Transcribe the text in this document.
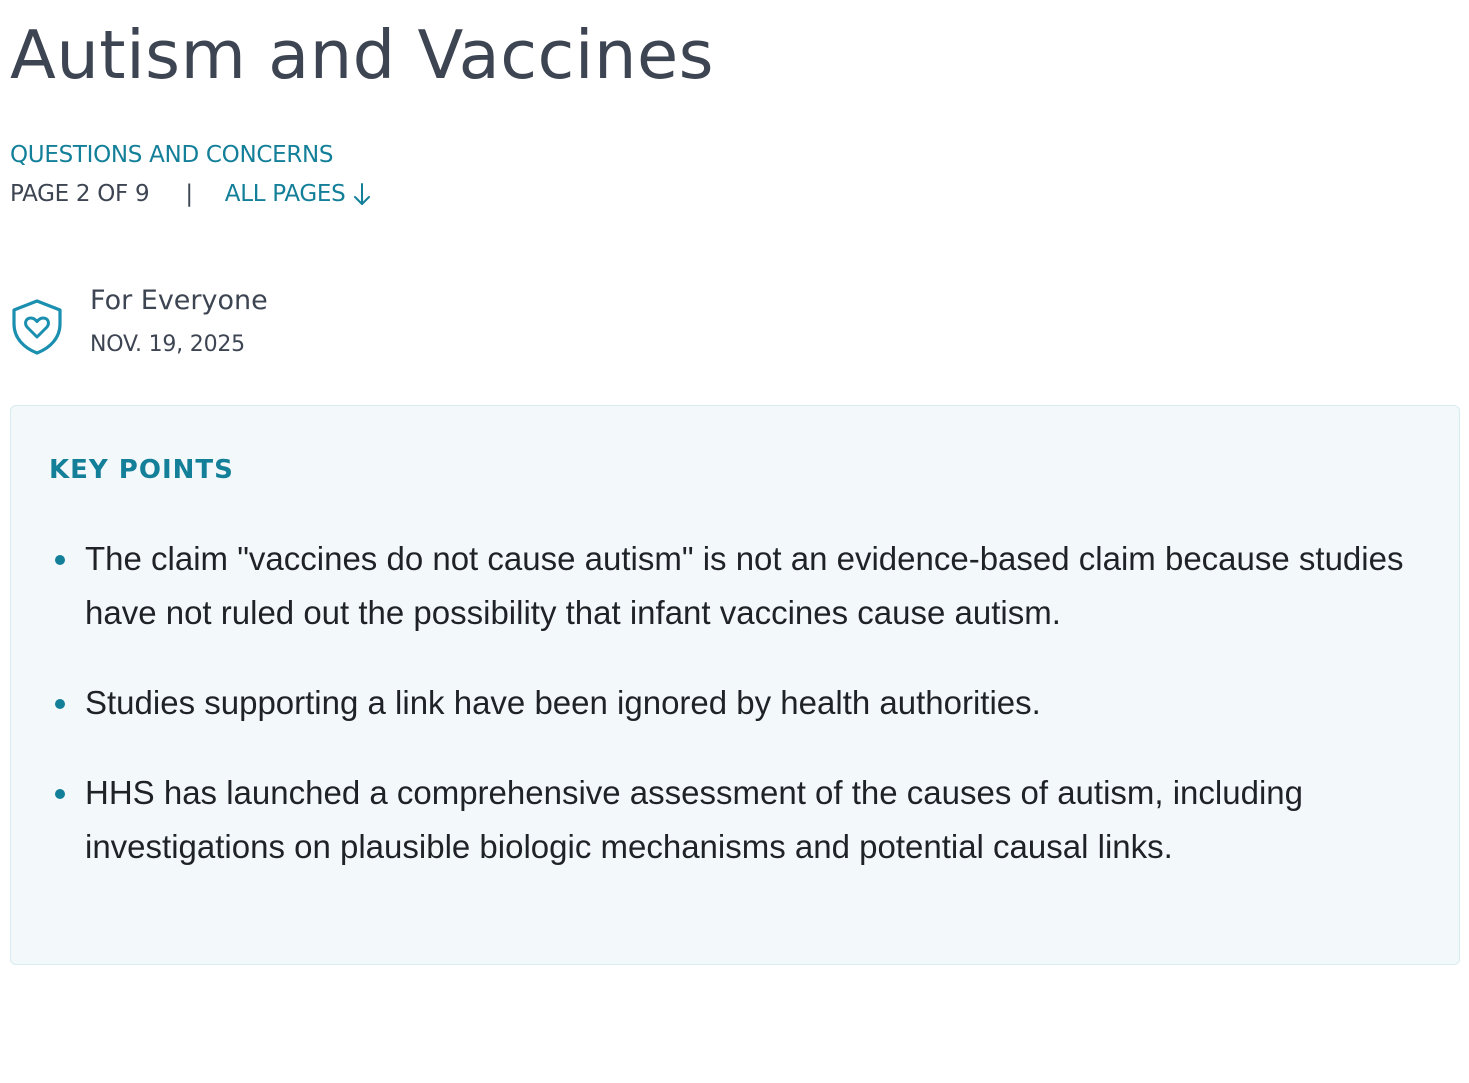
Autism and Vaccines
QUESTIONS AND CONCERNS
PAGE 2 OF 9 | ALL PAGES
For Everyone
NOV. 19, 2025
KEY POINTS
The claim "vaccines do not cause autism" is not an evidence-based claim because studies have not ruled out the possibility that infant vaccines cause autism.
Studies supporting a link have been ignored by health authorities.
HHS has launched a comprehensive assessment of the causes of autism, including investigations on plausible biologic mechanisms and potential causal links.
